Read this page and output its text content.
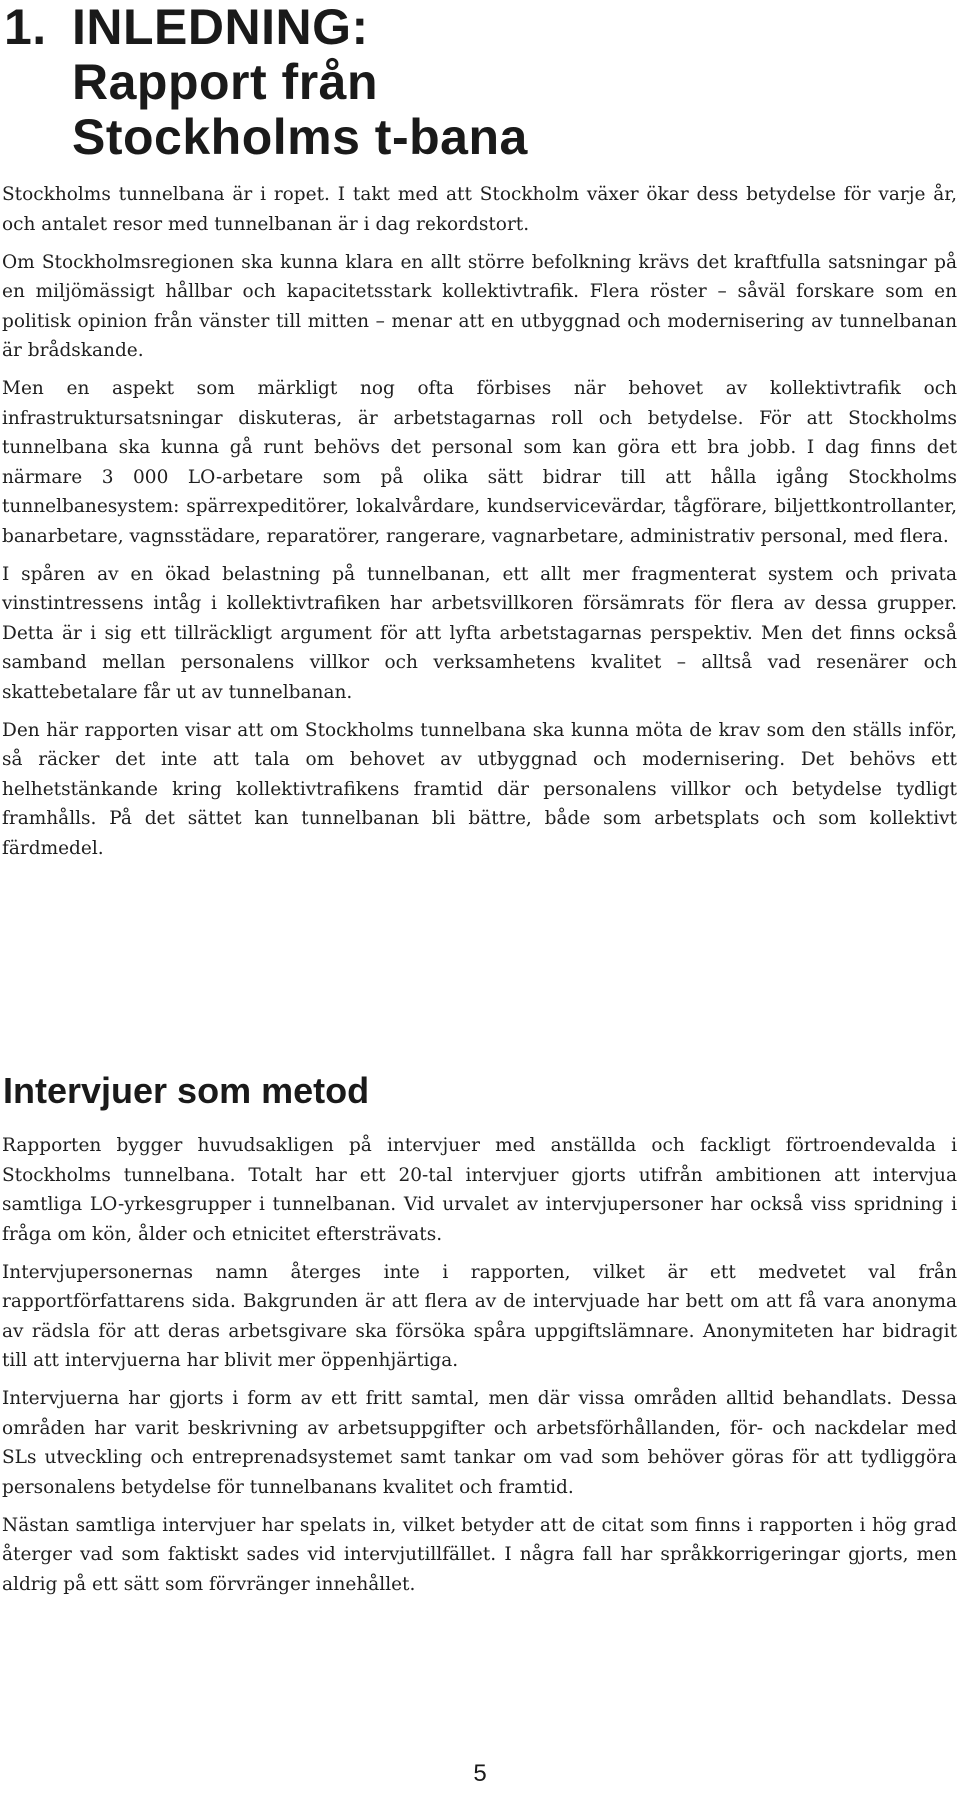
1. INLEDNING:
Rapport från
Stockholms t-bana

Stockholms tunnelbana är i ropet. I takt med att Stockholm växer ökar dess betydelse för varje år, och antalet resor med tunnelbanan är i dag rekordstort.

Om Stockholmsregionen ska kunna klara en allt större befolkning krävs det kraftfulla satsningar på en miljömässigt hållbar och kapacitetsstark kollektivtrafik. Flera röster – såväl forskare som en politisk opinion från vänster till mitten – menar att en utbyggnad och modernisering av tunnelbanan är brådskande.

Men en aspekt som märkligt nog ofta förbises när behovet av kollektivtrafik och infrastruktursatsningar diskuteras, är arbetstagarnas roll och betydelse. För att Stockholms tunnelbana ska kunna gå runt behövs det personal som kan göra ett bra jobb. I dag finns det närmare 3 000 LO-arbetare som på olika sätt bidrar till att hålla igång Stockholms tunnelbanesystem: spärrexpeditörer, lokalvårdare, kundservicevärdar, tågförare, biljettkontrollanter, banarbetare, vagnsstädare, reparatörer, rangerare, vagnarbetare, administrativ personal, med flera.

I spåren av en ökad belastning på tunnelbanan, ett allt mer fragmenterat system och privata vinstintressens intåg i kollektivtrafiken har arbetsvillkoren försämrats för flera av dessa grupper. Detta är i sig ett tillräckligt argument för att lyfta arbetstagarnas perspektiv. Men det finns också samband mellan personalens villkor och verksamhetens kvalitet – alltså vad resenärer och skattebetalare får ut av tunnelbanan.

Den här rapporten visar att om Stockholms tunnelbana ska kunna möta de krav som den ställs inför, så räcker det inte att tala om behovet av utbyggnad och modernisering. Det behövs ett helhetstänkande kring kollektivtrafikens framtid där personalens villkor och betydelse tydligt framhålls. På det sättet kan tunnelbanan bli bättre, både som arbetsplats och som kollektivt färdmedel.

Intervjuer som metod

Rapporten bygger huvudsakligen på intervjuer med anställda och fackligt förtroendevalda i Stockholms tunnelbana. Totalt har ett 20-tal intervjuer gjorts utifrån ambitionen att intervjua samtliga LO-yrkesgrupper i tunnelbanan. Vid urvalet av intervjupersoner har också viss spridning i fråga om kön, ålder och etnicitet eftersträvats.

Intervjupersonernas namn återges inte i rapporten, vilket är ett medvetet val från rapportförfattarens sida. Bakgrunden är att flera av de intervjuade har bett om att få vara anonyma av rädsla för att deras arbetsgivare ska försöka spåra uppgiftslämnare. Anonymiteten har bidragit till att intervjuerna har blivit mer öppenhjärtiga.

Intervjuerna har gjorts i form av ett fritt samtal, men där vissa områden alltid behandlats. Dessa områden har varit beskrivning av arbetsuppgifter och arbetsförhållanden, för- och nackdelar med SLs utveckling och entreprenadsystemet samt tankar om vad som behöver göras för att tydliggöra personalens betydelse för tunnelbanans kvalitet och framtid.

Nästan samtliga intervjuer har spelats in, vilket betyder att de citat som finns i rapporten i hög grad återger vad som faktiskt sades vid intervjutillfället. I några fall har språkkorrigeringar gjorts, men aldrig på ett sätt som förvränger innehållet.

5
